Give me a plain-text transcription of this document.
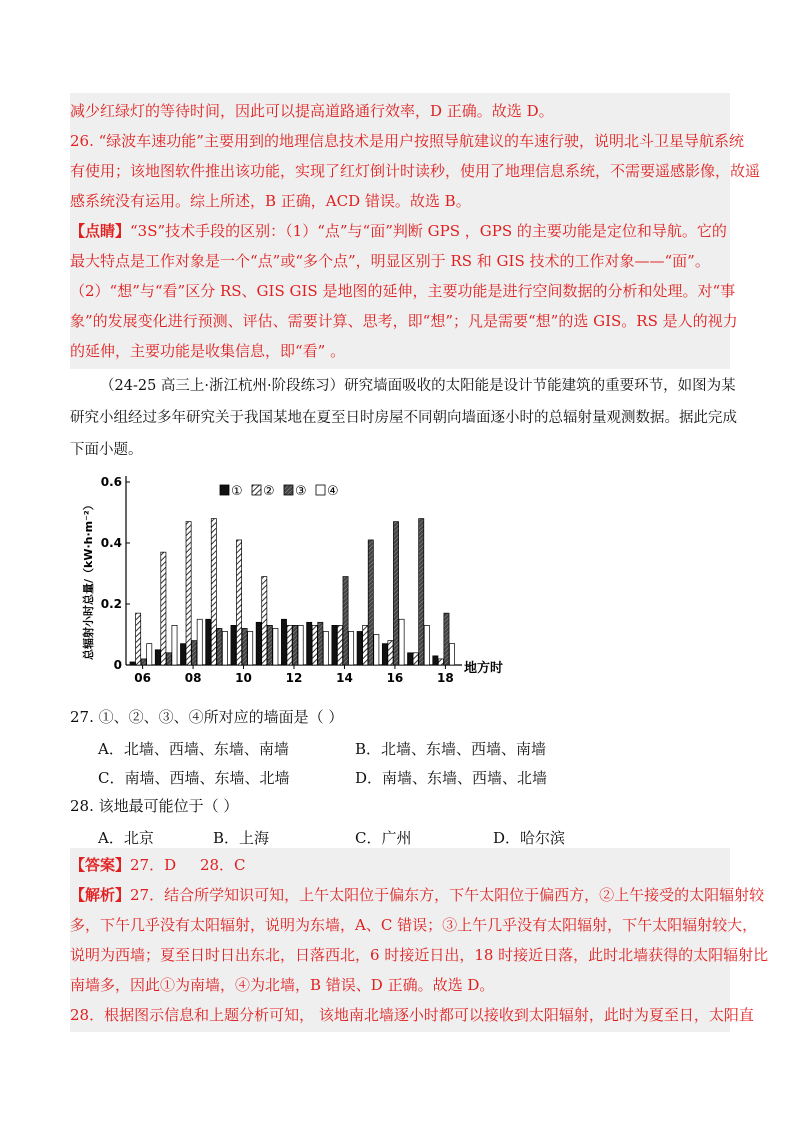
减少红绿灯的等待时间，因此可以提高道路通行效率，D 正确。故选 D。
26. “绿波车速功能”主要用到的地理信息技术是用户按照导航建议的车速行驶，说明北斗卫星导航系统
有使用；该地图软件推出该功能，实现了红灯倒计时读秒，使用了地理信息系统，不需要遥感影像，故遥
感系统没有运用。综上所述，B 正确，ACD 错误。故选 B。
【点睛】“3S”技术手段的区别：（1）“点”与“面”判断 GPS ，GPS 的主要功能是定位和导航。它的
最大特点是工作对象是一个“点”或“多个点”，明显区别于 RS 和 GIS 技术的工作对象——“面”。
（2）“想”与“看”区分 RS、GIS GIS 是地图的延伸，主要功能是进行空间数据的分析和处理。对“事
象”的发展变化进行预测、评估、需要计算、思考，即“想”；凡是需要“想”的选 GIS。RS 是人的视力
的延伸，主要功能是收集信息，即“看” 。
（24-25 高三上·浙江杭州·阶段练习）研究墙面吸收的太阳能是设计节能建筑的重要环节，如图为某
研究小组经过多年研究关于我国某地在夏至日时房屋不同朝向墙面逐小时的总辐射量观测数据。据此完成
下面小题。
0
0.2
0.4
0.6
06	08	10	12	14	16	18
① ② ③ ④
总辐射小时总量/（kW·h·m⁻²）
地方时
27. ①、②、③、④所对应的墙面是（ ）
A．北墙、西墙、东墙、南墙	B．北墙、东墙、西墙、南墙
C．南墙、西墙、东墙、北墙	D．南墙、东墙、西墙、北墙
28. 该地最可能位于（ ）
A．北京	B．上海	C．广州	D．哈尔滨
【答案】27．D     28．C
【解析】27．结合所学知识可知，上午太阳位于偏东方，下午太阳位于偏西方，②上午接受的太阳辐射较
多，下午几乎没有太阳辐射，说明为东墙，A、C 错误；③上午几乎没有太阳辐射，下午太阳辐射较大，
说明为西墙；夏至日时日出东北，日落西北，6 时接近日出，18 时接近日落，此时北墙获得的太阳辐射比
南墙多，因此①为南墙，④为北墙，B 错误、D 正确。故选 D。
28．根据图示信息和上题分析可知， 该地南北墙逐小时都可以接收到太阳辐射，此时为夏至日，太阳直
